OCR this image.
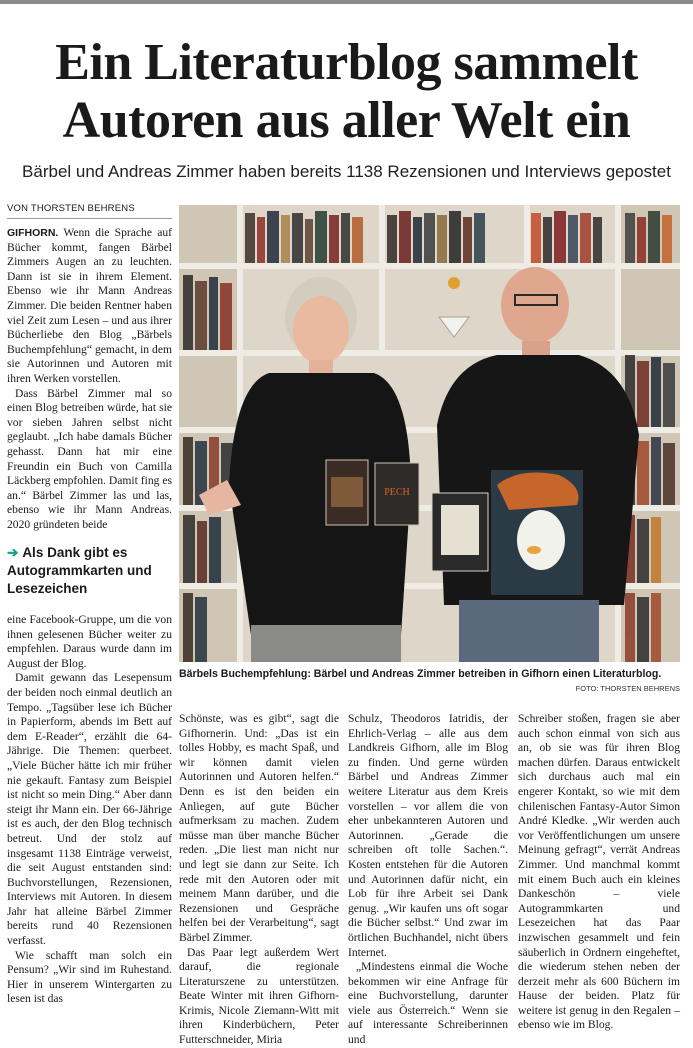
Ein Literaturblog sammelt
Autoren aus aller Welt ein
Bärbel und Andreas Zimmer haben bereits 1138 Rezensionen und Interviews gepostet
VON THORSTEN BEHRENS

GIFHORN. Wenn die Sprache auf Bücher kommt, fangen Bärbel Zimmers Augen an zu leuchten. Dann ist sie in ihrem Element. Ebenso wie ihr Mann Andreas Zimmer. Die beiden Rentner haben viel Zeit zum Lesen – und aus ihrer Bücherliebe den Blog „Bärbels Buchempfehlung“ gemacht, in dem sie Autorinnen und Autoren mit ihren Werken vorstellen.

Dass Bärbel Zimmer mal so einen Blog betreiben würde, hat sie vor sieben Jahren selbst nicht geglaubt. „Ich habe damals Bücher gehasst. Dann hat mir eine Freundin ein Buch von Camilla Läckberg empfohlen. Damit fing es an.“ Bärbel Zimmer las und las, ebenso wie ihr Mann Andreas. 2020 gründeten beide

➔ Als Dank gibt es Autogrammkarten und Lesezeichen

eine Facebook-Gruppe, um die von ihnen gelesenen Bücher weiter zu empfehlen. Daraus wurde dann im August der Blog.

Damit gewann das Lesepensum der beiden noch einmal deutlich an Tempo. „Tagsüber lese ich Bücher in Papierform, abends im Bett auf dem E-Reader“, erzählt die 64-Jährige. Die Themen: querbeet. „Viele Bücher hätte ich mir früher nie gekauft. Fantasy zum Beispiel ist nicht so mein Ding.“ Aber dann steigt ihr Mann ein. Der 66-Jährige ist es auch, der den Blog technisch betreut. Und der stolz auf insgesamt 1138 Einträge verweist, die seit August entstanden sind: Buchvorstellungen, Rezensionen, Interviews mit Autoren. In diesem Jahr hat alleine Bärbel Zimmer bereits rund 40 Rezensionen verfasst.

Wie schafft man solch ein Pensum? „Wir sind im Ruhestand. Hier in unserem Wintergarten zu lesen ist das

PECH
Bärbels Buchempfehlung: Bärbel und Andreas Zimmer betreiben in Gifhorn einen Literaturblog.
FOTO: THORSTEN BEHRENS

Schönste, was es gibt“, sagt die Gifhornerin. Und: „Das ist ein tolles Hobby, es macht Spaß, und wir können damit vielen Autorinnen und Autoren helfen.“ Denn es ist den beiden ein Anliegen, auf gute Bücher aufmerksam zu machen. Zudem müsse man über manche Bücher reden. „Die liest man nicht nur und legt sie dann zur Seite. Ich rede mit den Autoren oder mit meinem Mann darüber, und die Rezensionen und Gespräche helfen bei der Verarbeitung“, sagt Bärbel Zimmer.

Das Paar legt außerdem Wert darauf, die regionale Literaturszene zu unterstützen. Beate Winter mit ihren Gifhorn-Krimis, Nicole Ziemann-Witt mit ihren Kinderbüchern, Peter Futterschneider, Miria

Schulz, Theodoros Iatridis, der Ehrlich-Verlag – alle aus dem Landkreis Gifhorn, alle im Blog zu finden. Und gerne würden Bärbel und Andreas Zimmer weitere Literatur aus dem Kreis vorstellen – vor allem die von eher unbekannteren Autoren und Autorinnen. „Gerade die schreiben oft tolle Sachen.“. Kosten entstehen für die Autoren und Autorinnen dafür nicht, ein Lob für ihre Arbeit sei Dank genug. „Wir kaufen uns oft sogar die Bücher selbst.“ Und zwar im örtlichen Buchhandel, nicht übers Internet.

„Mindestens einmal die Woche bekommen wir eine Anfrage für eine Buchvorstellung, darunter viele aus Österreich.“ Wenn sie auf interessante Schreiberinnen und

Schreiber stoßen, fragen sie aber auch schon einmal von sich aus an, ob sie was für ihren Blog machen dürfen. Daraus entwickelt sich durchaus auch mal ein engerer Kontakt, so wie mit dem chilenischen Fantasy-Autor Simon André Kledke. „Wir werden auch vor Veröffentlichungen um unsere Meinung gefragt“, verrät Andreas Zimmer. Und manchmal kommt mit einem Buch auch ein kleines Dankeschön – viele Autogrammkarten und Lesezeichen hat das Paar inzwischen gesammelt und fein säuberlich in Ordnern eingeheftet, die wiederum stehen neben der derzeit mehr als 600 Büchern im Hause der beiden. Platz für weitere ist genug in den Regalen – ebenso wie im Blog.
